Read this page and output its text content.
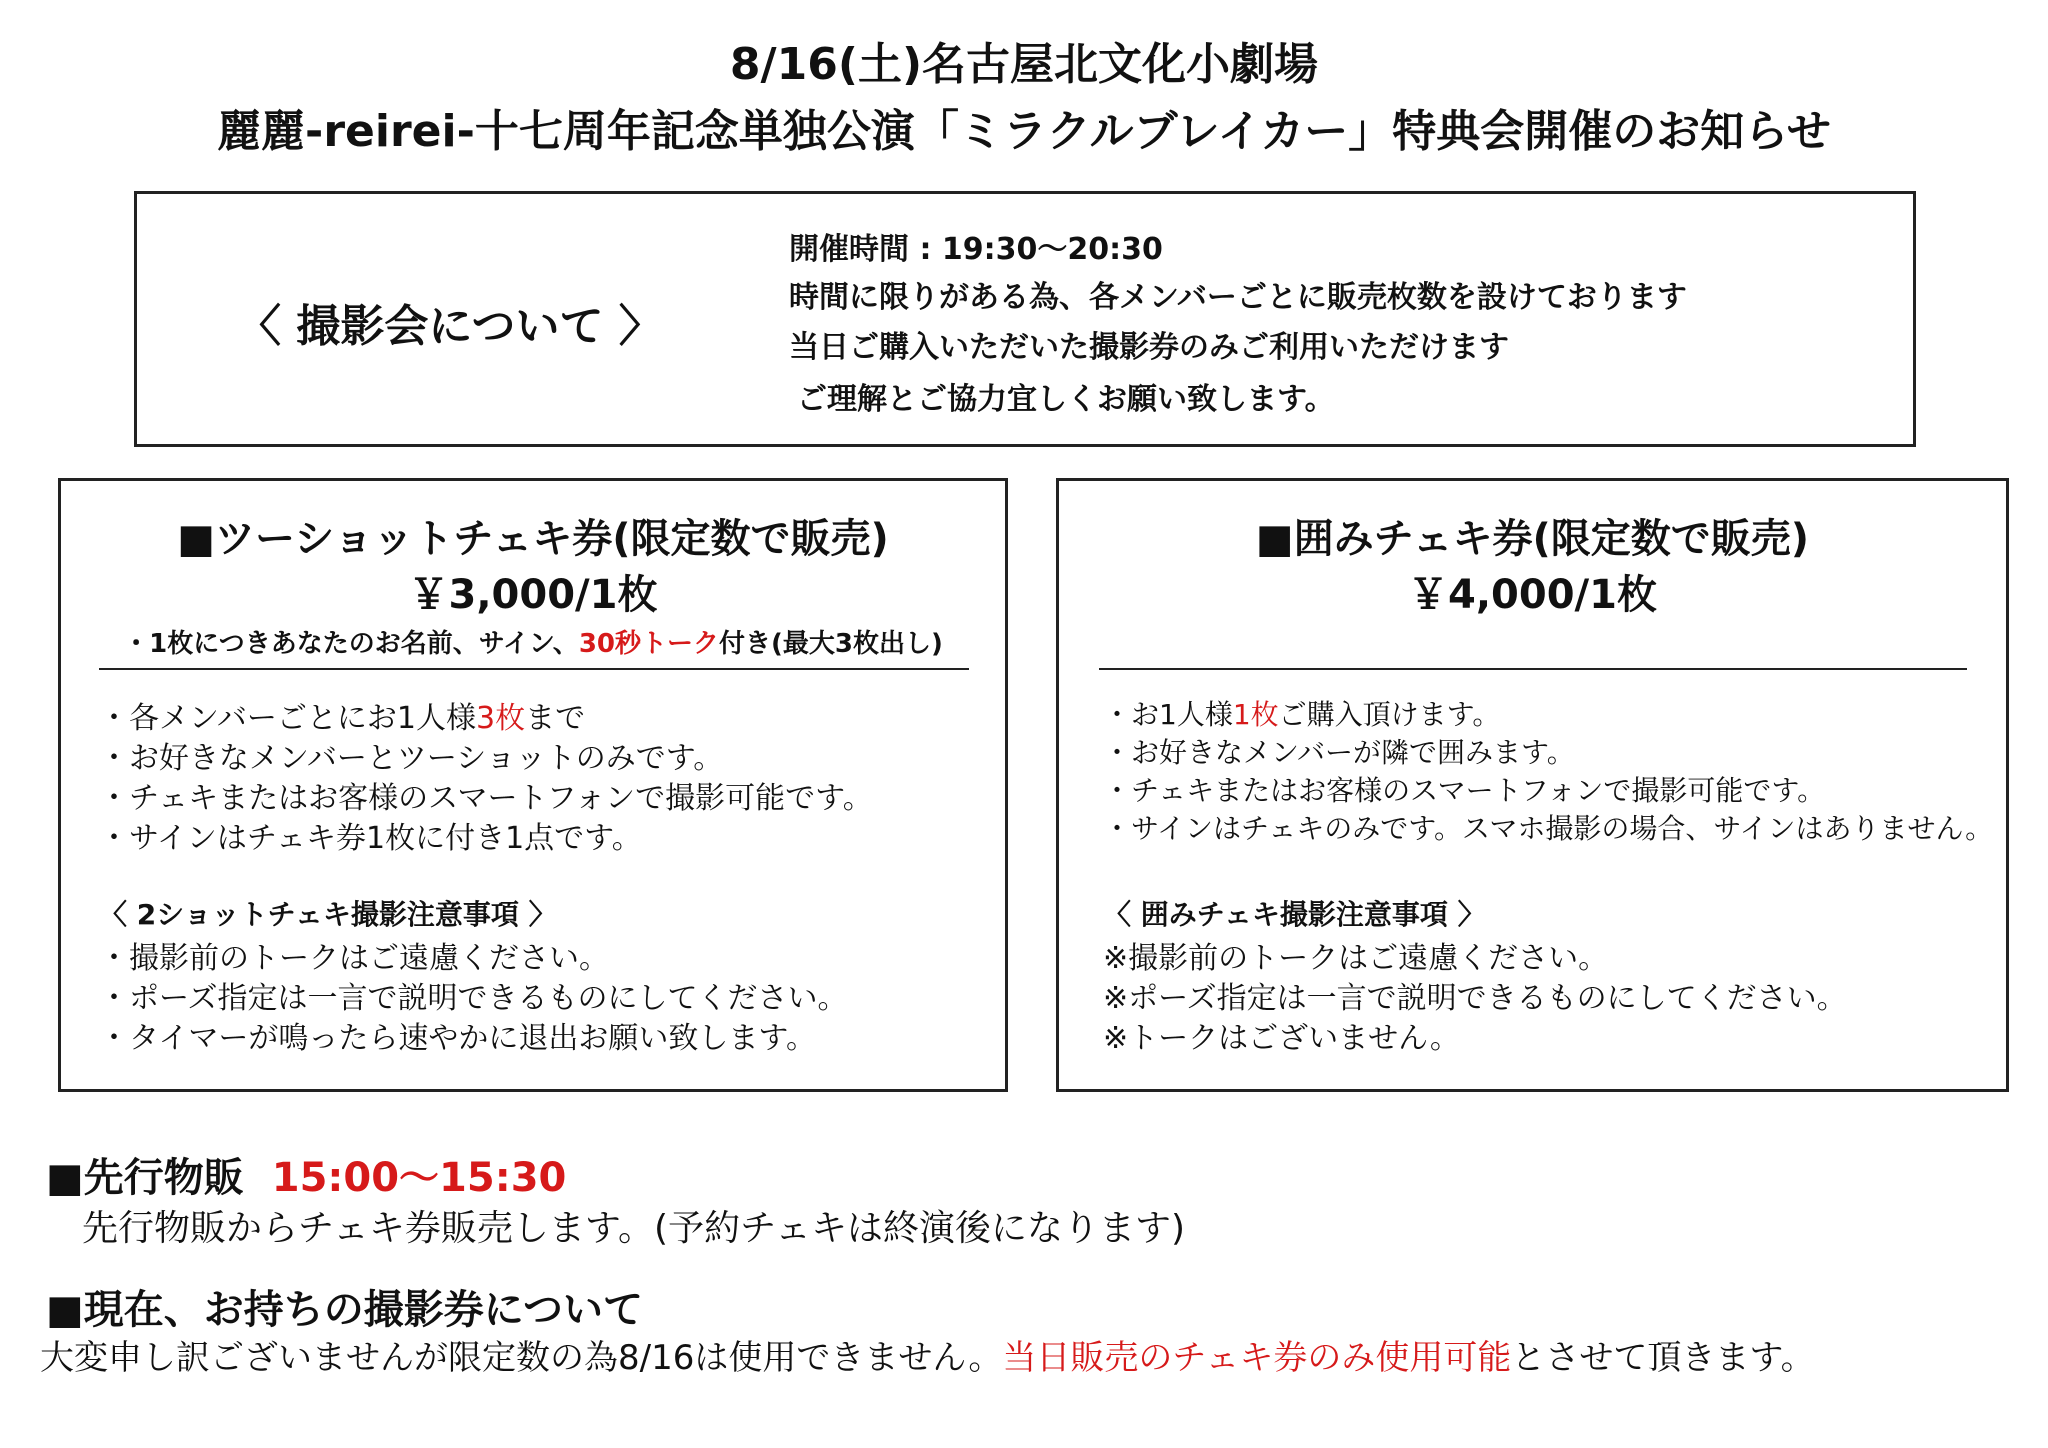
8/16(土)名古屋北文化小劇場
麗麗-reirei-十七周年記念単独公演「ミラクルブレイカー」特典会開催のお知らせ
〈 撮影会について 〉
開催時間 : 19:30〜20:30
時間に限りがある為、各メンバーごとに販売枚数を設けております
当日ご購入いただいた撮影券のみご利用いただけます
ご理解とご協力宜しくお願い致します。
■ツーショットチェキ券(限定数で販売)
￥3,000/1枚
・1枚につきあなたのお名前、サイン、30秒トーク付き(最大3枚出し)
・各メンバーごとにお1人様3枚まで
・お好きなメンバーとツーショットのみです。
・チェキまたはお客様のスマートフォンで撮影可能です。
・サインはチェキ券1枚に付き1点です。
〈 2ショットチェキ撮影注意事項 〉
・撮影前のトークはご遠慮ください。
・ポーズ指定は一言で説明できるものにしてください。
・タイマーが鳴ったら速やかに退出お願い致します。
■囲みチェキ券(限定数で販売)
￥4,000/1枚
・お1人様1枚ご購入頂けます。
・お好きなメンバーが隣で囲みます。
・チェキまたはお客様のスマートフォンで撮影可能です。
・サインはチェキのみです。スマホ撮影の場合、サインはありません。
〈 囲みチェキ撮影注意事項 〉
※撮影前のトークはご遠慮ください。
※ポーズ指定は一言で説明できるものにしてください。
※トークはございません。
■先行物販 15:00〜15:30
先行物販からチェキ券販売します。(予約チェキは終演後になります)
■現在、お持ちの撮影券について
大変申し訳ございませんが限定数の為8/16は使用できません。当日販売のチェキ券のみ使用可能とさせて頂きます。
